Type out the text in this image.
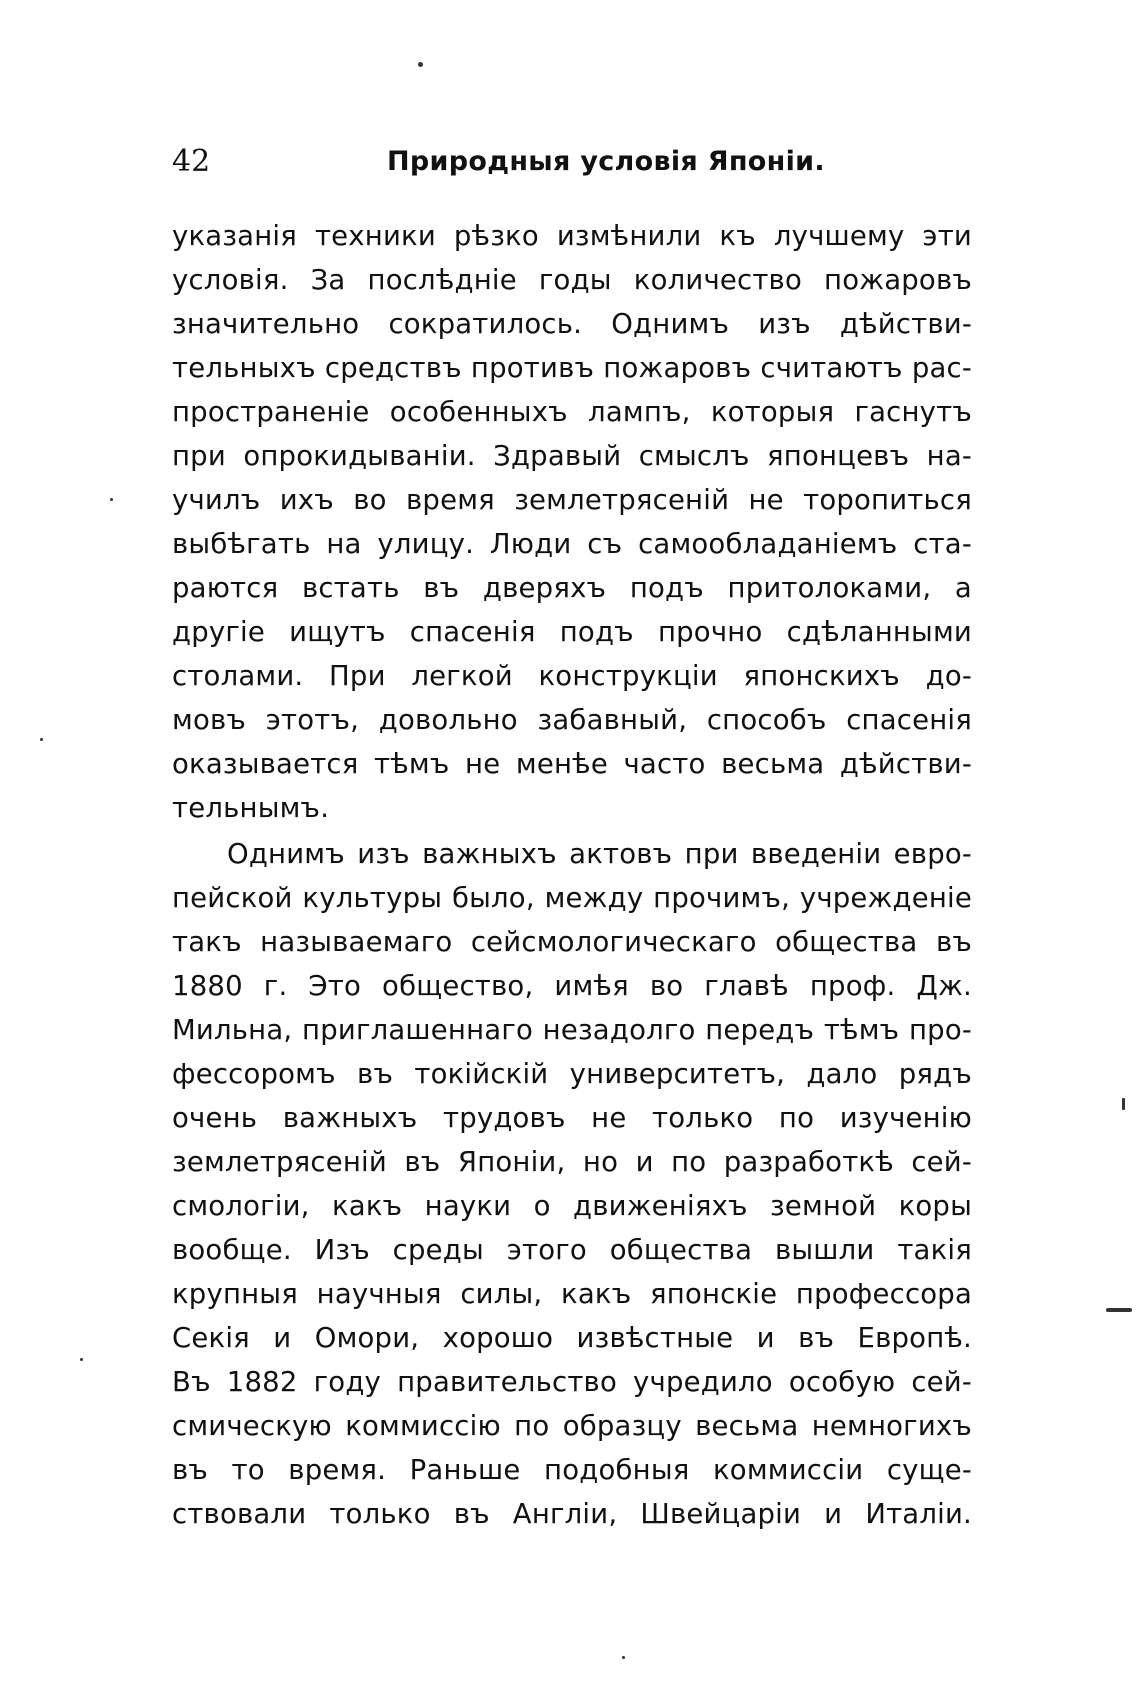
42	Природныя условія Японіи.
указанія техники рѣзко измѣнили къ лучшему эти
условія. За послѣдніе годы количество пожаровъ
значительно сократилось. Однимъ изъ дѣйстви-
тельныхъ средствъ противъ пожаровъ считаютъ рас-
пространеніе особенныхъ лампъ, которыя гаснутъ
при опрокидываніи. Здравый смыслъ японцевъ на-
училъ ихъ во время землетрясеній не торопиться
выбѣгать на улицу. Люди съ самообладаніемъ ста-
раются встать въ дверяхъ подъ притолоками, а
другіе ищутъ спасенія подъ прочно сдѣланными
столами. При легкой конструкціи японскихъ до-
мовъ этотъ, довольно забавный, способъ спасенія
оказывается тѣмъ не менѣе часто весьма дѣйстви-
тельнымъ.
Однимъ изъ важныхъ актовъ при введеніи евро-
пейской культуры было, между прочимъ, учрежденіе
такъ называемаго сейсмологическаго общества въ
1880 г. Это общество, имѣя во главѣ проф. Дж.
Мильна, приглашеннаго незадолго передъ тѣмъ про-
фессоромъ въ токійскій университетъ, дало рядъ
очень важныхъ трудовъ не только по изученію
землетрясеній въ Японіи, но и по разработкѣ сей-
смологіи, какъ науки о движеніяхъ земной коры
вообще. Изъ среды этого общества вышли такія
крупныя научныя силы, какъ японскіе профессора
Секія и Омори, хорошо извѣстные и въ Европѣ.
Въ 1882 году правительство учредило особую сей-
смическую коммиссію по образцу весьма немногихъ
въ то время. Раньше подобныя коммиссіи суще-
ствовали только въ Англіи, Швейцаріи и Италіи.
